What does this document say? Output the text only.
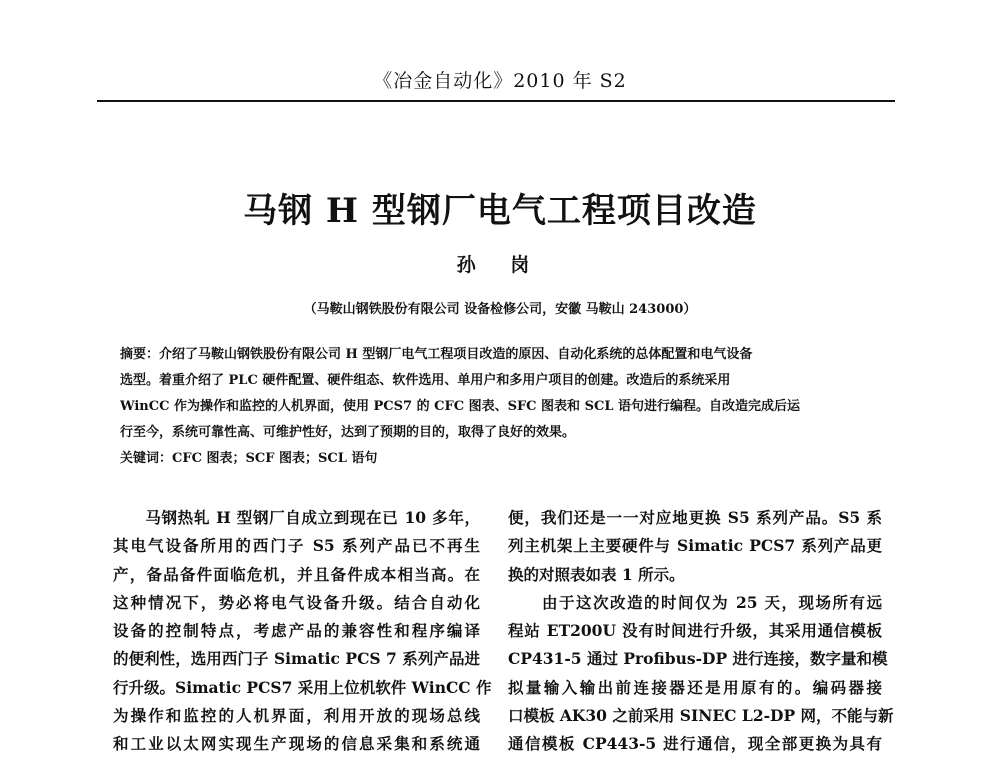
《冶金自动化》2010 年 S2
马钢 H 型钢厂电气工程项目改造
孙 岗
（马鞍山钢铁股份有限公司 设备检修公司，安徽 马鞍山 243000）
摘要：介绍了马鞍山钢铁股份有限公司 H 型钢厂电气工程项目改造的原因、自动化系统的总体配置和电气设备
选型。着重介绍了 PLC 硬件配置、硬件组态、软件选用、单用户和多用户项目的创建。改造后的系统采用
WinCC 作为操作和监控的人机界面，使用 PCS7 的 CFC 图表、SFC 图表和 SCL 语句进行编程。自改造完成后运
行至今，系统可靠性高、可维护性好，达到了预期的目的，取得了良好的效果。
关键词：CFC 图表；SCF 图表；SCL 语句
　　马钢热轧 H 型钢厂自成立到现在已 10 多年，
其电气设备所用的西门子 S5 系列产品已不再生
产，备品备件面临危机，并且备件成本相当高。在
这种情况下，势必将电气设备升级。结合自动化
设备的控制特点，考虑产品的兼容性和程序编译
的便利性，选用西门子 Simatic PCS 7 系列产品进
行升级。Simatic PCS7 采用上位机软件 WinCC 作
为操作和监控的人机界面，利用开放的现场总线
和工业以太网实现生产现场的信息采集和系统通
便，我们还是一一对应地更换 S5 系列产品。S5 系
列主机架上主要硬件与 Simatic PCS7 系列产品更
换的对照表如表 1 所示。
　　由于这次改造的时间仅为 25 天，现场所有远
程站 ET200U 没有时间进行升级，其采用通信模板
CP431-5 通过 Profibus-DP 进行连接，数字量和模
拟量输入输出前连接器还是用原有的。编码器接
口模板 AK30 之前采用 SINEC L2-DP 网，不能与新
通信模板 CP443-5 进行通信，现全部更换为具有
